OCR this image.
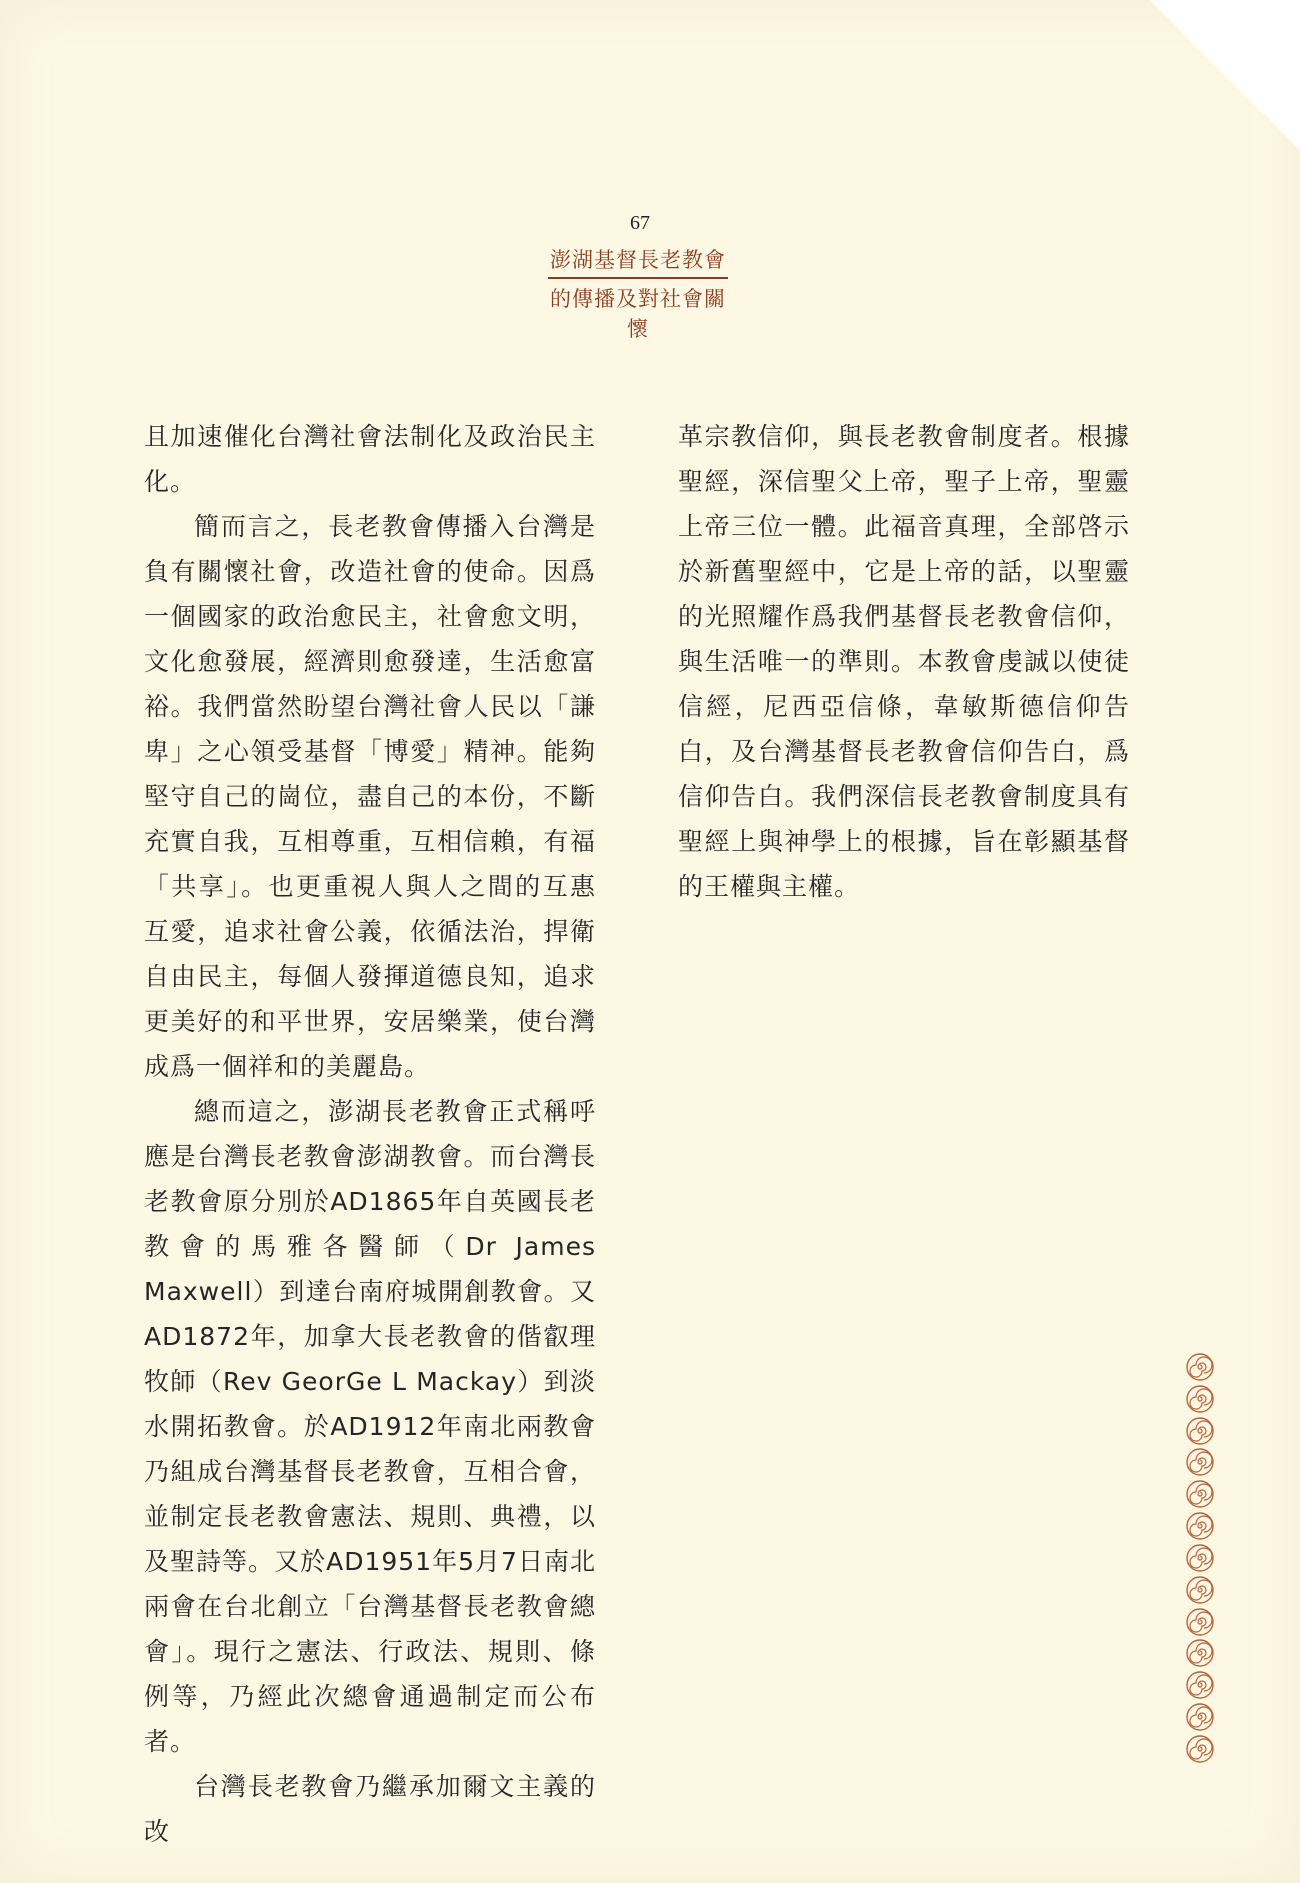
67
澎湖基督長老教會
的傳播及對社會關懷

且加速催化台灣社會法制化及政治民主化。

簡而言之，長老教會傳播入台灣是負有關懷社會，改造社會的使命。因爲一個國家的政治愈民主，社會愈文明，文化愈發展，經濟則愈發達，生活愈富裕。我們當然盼望台灣社會人民以「謙卑」之心領受基督「博愛」精神。能夠堅守自己的崗位，盡自己的本份，不斷充實自我，互相尊重，互相信賴，有福「共享」。也更重視人與人之間的互惠互愛，追求社會公義，依循法治，捍衛自由民主，每個人發揮道德良知，追求更美好的和平世界，安居樂業，使台灣成爲一個祥和的美麗島。

總而這之，澎湖長老教會正式稱呼應是台灣長老教會澎湖教會。而台灣長老教會原分別於AD1865年自英國長老教會的馬雅各醫師（Dr James Maxwell）到達台南府城開創教會。又AD1872年，加拿大長老教會的偕叡理牧師（Rev GeorGe L Mackay）到淡水開拓教會。於AD1912年南北兩教會乃組成台灣基督長老教會，互相合會，並制定長老教會憲法、規則、典禮，以及聖詩等。又於AD1951年5月7日南北兩會在台北創立「台灣基督長老教會總會」。現行之憲法、行政法、規則、條例等，乃經此次總會通過制定而公布者。

台灣長老教會乃繼承加爾文主義的改

革宗教信仰，與長老教會制度者。根據聖經，深信聖父上帝，聖子上帝，聖靈上帝三位一體。此福音真理，全部啓示於新舊聖經中，它是上帝的話，以聖靈的光照耀作爲我們基督長老教會信仰，與生活唯一的準則。本教會虔誠以使徒信經，尼西亞信條，韋敏斯德信仰告白，及台灣基督長老教會信仰告白，爲信仰告白。我們深信長老教會制度具有聖經上與神學上的根據，旨在彰顯基督的王權與主權。
